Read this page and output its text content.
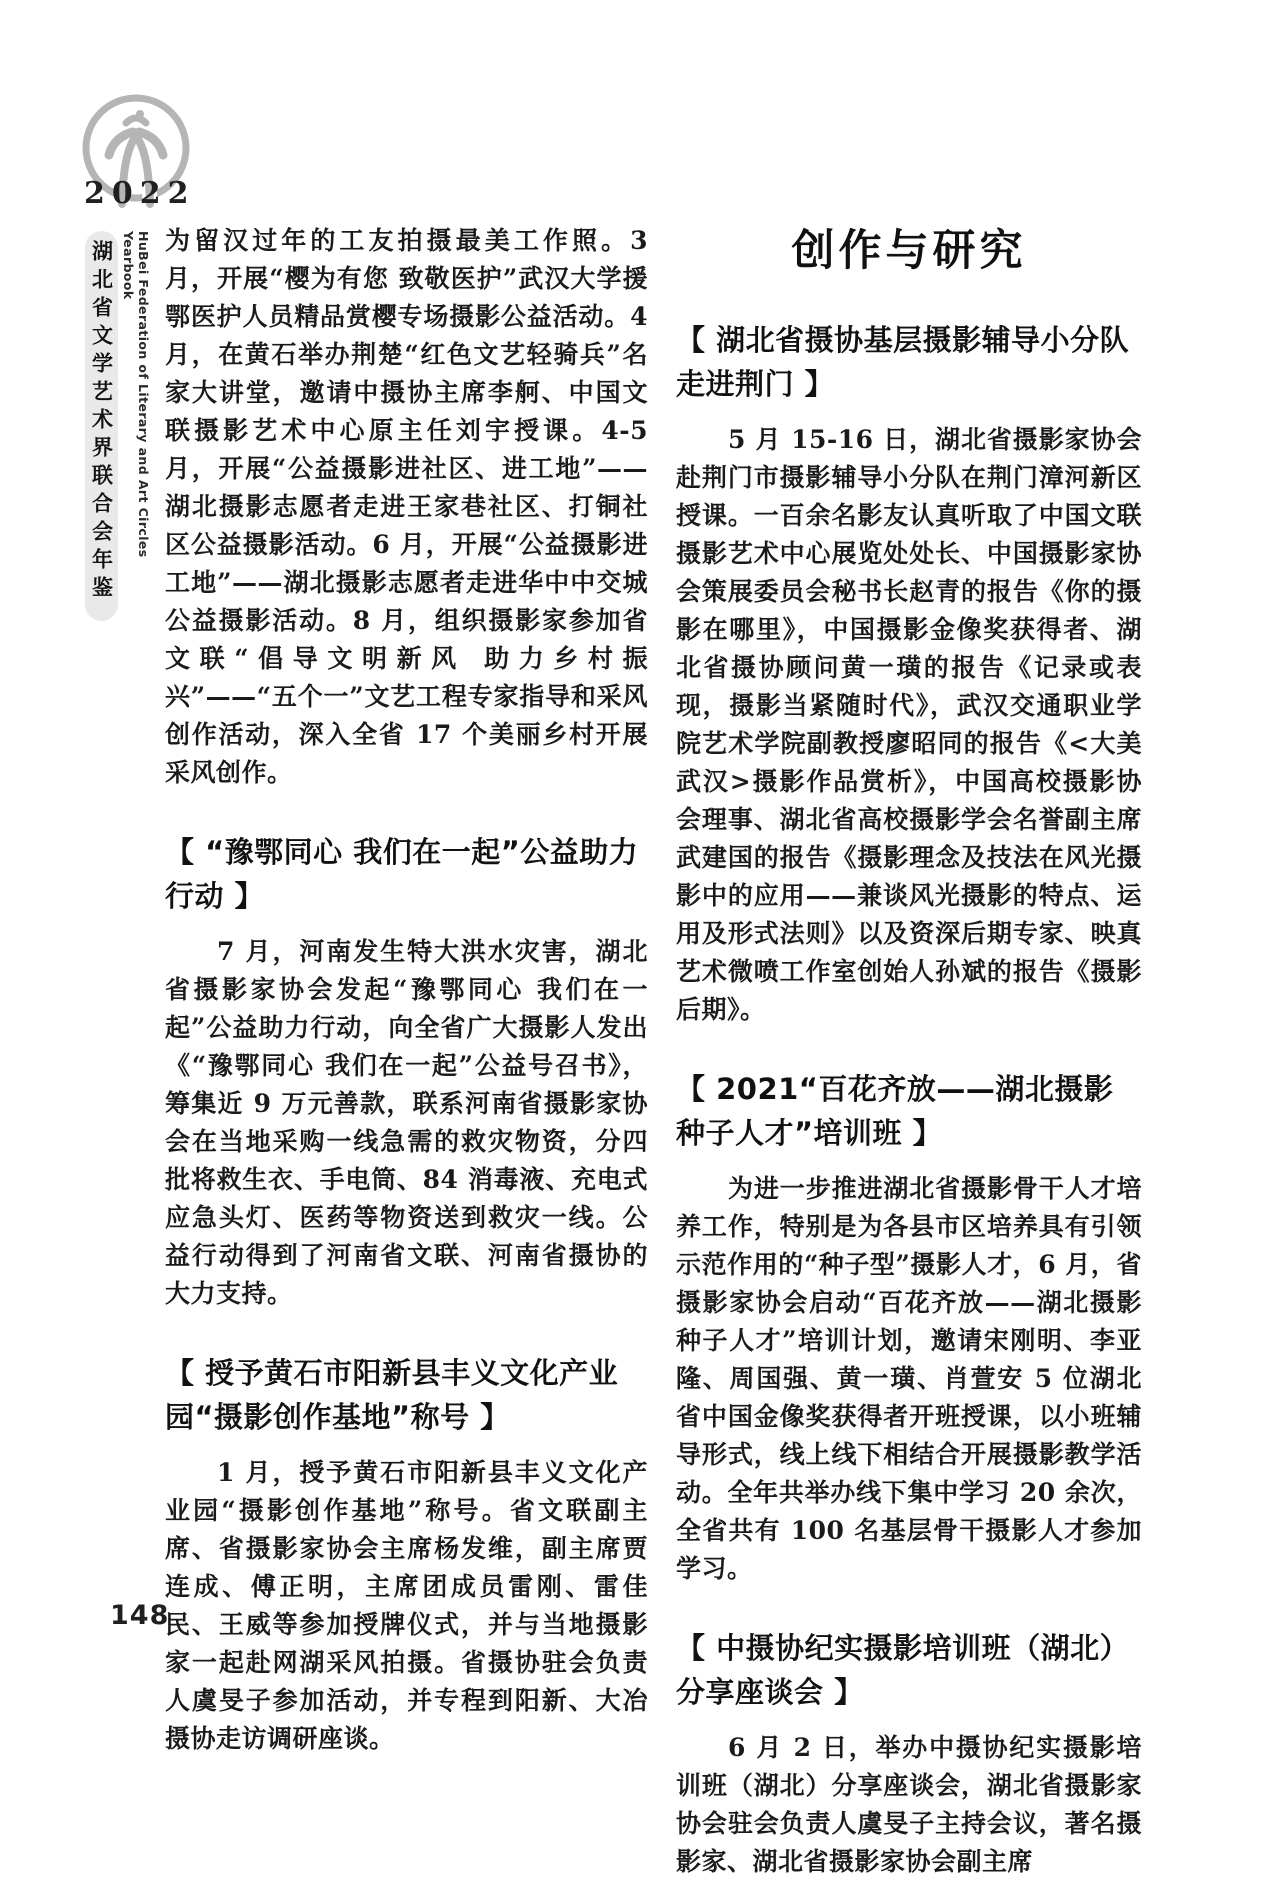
2022
湖北省文学艺术界联合会年鉴	HuBei Federation of Literary and Art Circles Yearbook	为留汉过年的工友拍摄最美工作照。3 月，开展“樱为有您 致敬医护”武汉大学援鄂医护人员精品赏樱专场摄影公益活动。4 月，在黄石举办荆楚“红色文艺轻骑兵”名家大讲堂，邀请中摄协主席李舸、中国文联摄影艺术中心原主任刘宇授课。4-5 月，开展“公益摄影进社区、进工地”——湖北摄影志愿者走进王家巷社区、打铜社区公益摄影活动。6 月，开展“公益摄影进工地”——湖北摄影志愿者走进华中中交城公益摄影活动。8 月，组织摄影家参加省文联“倡导文明新风 助力乡村振兴”——“五个一”文艺工程专家指导和采风创作活动，深入全省 17 个美丽乡村开展采风创作。

【 “豫鄂同心 我们在一起”公益助力行动 】

7 月，河南发生特大洪水灾害，湖北省摄影家协会发起“豫鄂同心 我们在一起”公益助力行动，向全省广大摄影人发出《“豫鄂同心 我们在一起”公益号召书》，筹集近 9 万元善款，联系河南省摄影家协会在当地采购一线急需的救灾物资，分四批将救生衣、手电筒、84 消毒液、充电式应急头灯、医药等物资送到救灾一线。公益行动得到了河南省文联、河南省摄协的大力支持。

【 授予黄石市阳新县丰义文化产业园“摄影创作基地”称号 】

1 月，授予黄石市阳新县丰义文化产业园“摄影创作基地”称号。省文联副主席、省摄影家协会主席杨发维，副主席贾连成、傅正明，主席团成员雷刚、雷佳民、王威等参加授牌仪式，并与当地摄影家一起赴网湖采风拍摄。省摄协驻会负责人虞旻子参加活动，并专程到阳新、大冶摄协走访调研座谈。

创作与研究
【 湖北省摄协基层摄影辅导小分队走进荆门 】

5 月 15-16 日，湖北省摄影家协会赴荆门市摄影辅导小分队在荆门漳河新区授课。一百余名影友认真听取了中国文联摄影艺术中心展览处处长、中国摄影家协会策展委员会秘书长赵青的报告《你的摄影在哪里》，中国摄影金像奖获得者、湖北省摄协顾问黄一璜的报告《记录或表现，摄影当紧随时代》，武汉交通职业学院艺术学院副教授廖昭同的报告《<大美武汉>摄影作品赏析》，中国高校摄影协会理事、湖北省高校摄影学会名誉副主席武建国的报告《摄影理念及技法在风光摄影中的应用——兼谈风光摄影的特点、运用及形式法则》以及资深后期专家、映真艺术微喷工作室创始人孙斌的报告《摄影后期》。

【 2021“百花齐放——湖北摄影种子人才”培训班 】

为进一步推进湖北省摄影骨干人才培养工作，特别是为各县市区培养具有引领示范作用的“种子型”摄影人才，6 月，省摄影家协会启动“百花齐放——湖北摄影种子人才”培训计划，邀请宋刚明、李亚隆、周国强、黄一璜、肖萱安 5 位湖北省中国金像奖获得者开班授课，以小班辅导形式，线上线下相结合开展摄影教学活动。全年共举办线下集中学习 20 余次，全省共有 100 名基层骨干摄影人才参加学习。

【 中摄协纪实摄影培训班（湖北）分享座谈会 】

6 月 2 日，举办中摄协纪实摄影培训班（湖北）分享座谈会，湖北省摄影家协会驻会负责人虞旻子主持会议，著名摄影家、湖北省摄影家协会副主席

148
